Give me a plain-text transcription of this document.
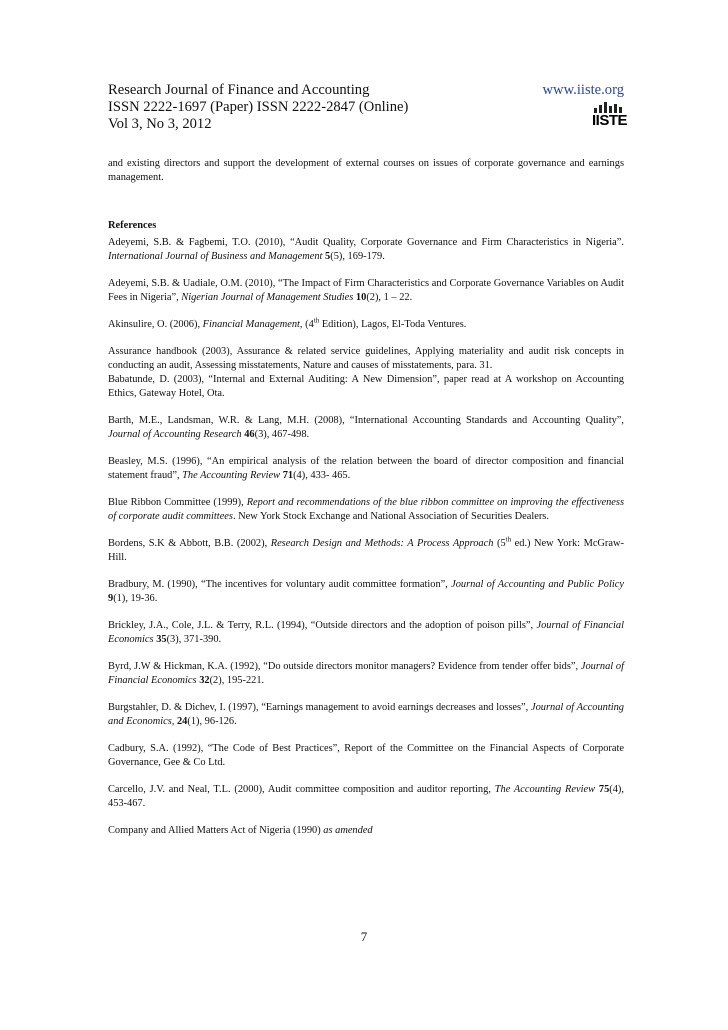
Research Journal of Finance and Accounting	www.iiste.org
ISSN 2222-1697 (Paper) ISSN 2222-2847 (Online)
Vol 3, No 3, 2012	IISTE

and existing directors and support the development of external courses on issues of corporate governance and earnings management.

References

Adeyemi, S.B. & Fagbemi, T.O. (2010), “Audit Quality, Corporate Governance and Firm Characteristics in Nigeria”. International Journal of Business and Management 5(5), 169-179.

Adeyemi, S.B. & Uadiale, O.M. (2010), “The Impact of Firm Characteristics and Corporate Governance Variables on Audit Fees in Nigeria”, Nigerian Journal of Management Studies 10(2), 1 – 22.

Akinsulire, O. (2006), Financial Management, (4th Edition), Lagos, El-Toda Ventures.

Assurance handbook (2003), Assurance & related service guidelines, Applying materiality and audit risk concepts in conducting an audit, Assessing misstatements, Nature and causes of misstatements, para. 31.

Babatunde, D. (2003), “Internal and External Auditing: A New Dimension”, paper read at A workshop on Accounting Ethics, Gateway Hotel, Ota.

Barth, M.E., Landsman, W.R. & Lang, M.H. (2008), “International Accounting Standards and Accounting Quality”, Journal of Accounting Research 46(3), 467-498.

Beasley, M.S. (1996), “An empirical analysis of the relation between the board of director composition and financial statement fraud”, The Accounting Review 71(4), 433- 465.

Blue Ribbon Committee (1999), Report and recommendations of the blue ribbon committee on improving the effectiveness of corporate audit committees. New York Stock Exchange and National Association of Securities Dealers.

Bordens, S.K & Abbott, B.B. (2002), Research Design and Methods: A Process Approach (5th ed.) New York: McGraw-Hill.

Bradbury, M. (1990), “The incentives for voluntary audit committee formation”, Journal of Accounting and Public Policy 9(1), 19-36.

Brickley, J.A., Cole, J.L. & Terry, R.L. (1994), “Outside directors and the adoption of poison pills”, Journal of Financial Economics 35(3), 371-390.

Byrd, J.W & Hickman, K.A. (1992), “Do outside directors monitor managers? Evidence from tender offer bids”, Journal of Financial Economics 32(2), 195-221.

Burgstahler, D. & Dichev, I. (1997), “Earnings management to avoid earnings decreases and losses”, Journal of Accounting and Economics, 24(1), 96-126.

Cadbury, S.A. (1992), “The Code of Best Practices”, Report of the Committee on the Financial Aspects of Corporate Governance, Gee & Co Ltd.

Carcello, J.V. and Neal, T.L. (2000), Audit committee composition and auditor reporting, The Accounting Review 75(4), 453-467.

Company and Allied Matters Act of Nigeria (1990) as amended

7
